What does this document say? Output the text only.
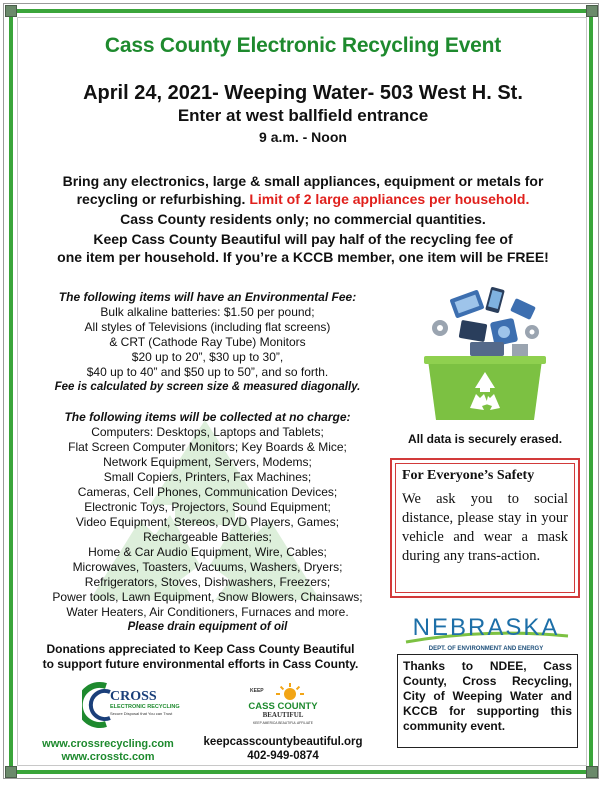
Cass County Electronic Recycling Event
April 24, 2021- Weeping Water- 503 West H. St.
Enter at west ballfield entrance
9 a.m. - Noon
Bring any electronics, large & small appliances, equipment or metals for
recycling or refurbishing. Limit of 2 large appliances per household.
Cass County residents only; no commercial quantities.
Keep Cass County Beautiful will pay half of the recycling fee of
one item per household. If you’re a KCCB member, one item will be FREE!
The following items will have an Environmental Fee:
Bulk alkaline batteries: $1.50 per pound;
All styles of Televisions (including flat screens)
& CRT (Cathode Ray Tube) Monitors
$20 up to 20”, $30 up to 30”,
$40 up to 40” and $50 up to 50”, and so forth.
Fee is calculated by screen size & measured diagonally.
The following items will be collected at no charge:
Computers: Desktops, Laptops and Tablets;
Flat Screen Computer Monitors; Key Boards & Mice;
Network Equipment, Servers, Modems;
Small Copiers, Printers, Fax Machines;
Cameras, Cell Phones, Communication Devices;
Electronic Toys, Projectors, Sound Equipment;
Video Equipment, Stereos, DVD Players, Games;
Rechargeable Batteries;
Home & Car Audio Equipment, Wire, Cables;
Microwaves, Toasters, Vacuums, Washers, Dryers;
Refrigerators, Stoves, Dishwashers, Freezers;
Power tools, Lawn Equipment, Snow Blowers, Chainsaws;
Water Heaters, Air Conditioners, Furnaces and more.
Please drain equipment of oil
All data is securely erased.
For Everyone’s Safety
We ask you to social distance, please stay in your vehicle and wear a mask during any trans-action.
NEBRASKA
DEPT. OF ENVIRONMENT AND ENERGY
Thanks to NDEE, Cass County, Cross Recycling, City of Weeping Water and KCCB for supporting this community event.
Donations appreciated to Keep Cass County Beautiful
to support future environmental efforts in Cass County.
CROSS
ELECTRONIC RECYCLING
Secure Disposal that You can Trust
www.crossrecycling.com
www.crosstc.com
KEEP
CASS COUNTY
BEAUTIFUL
KEEP AMERICA BEAUTIFUL AFFILIATE
keepcasscountybeautiful.org
402-949-0874
